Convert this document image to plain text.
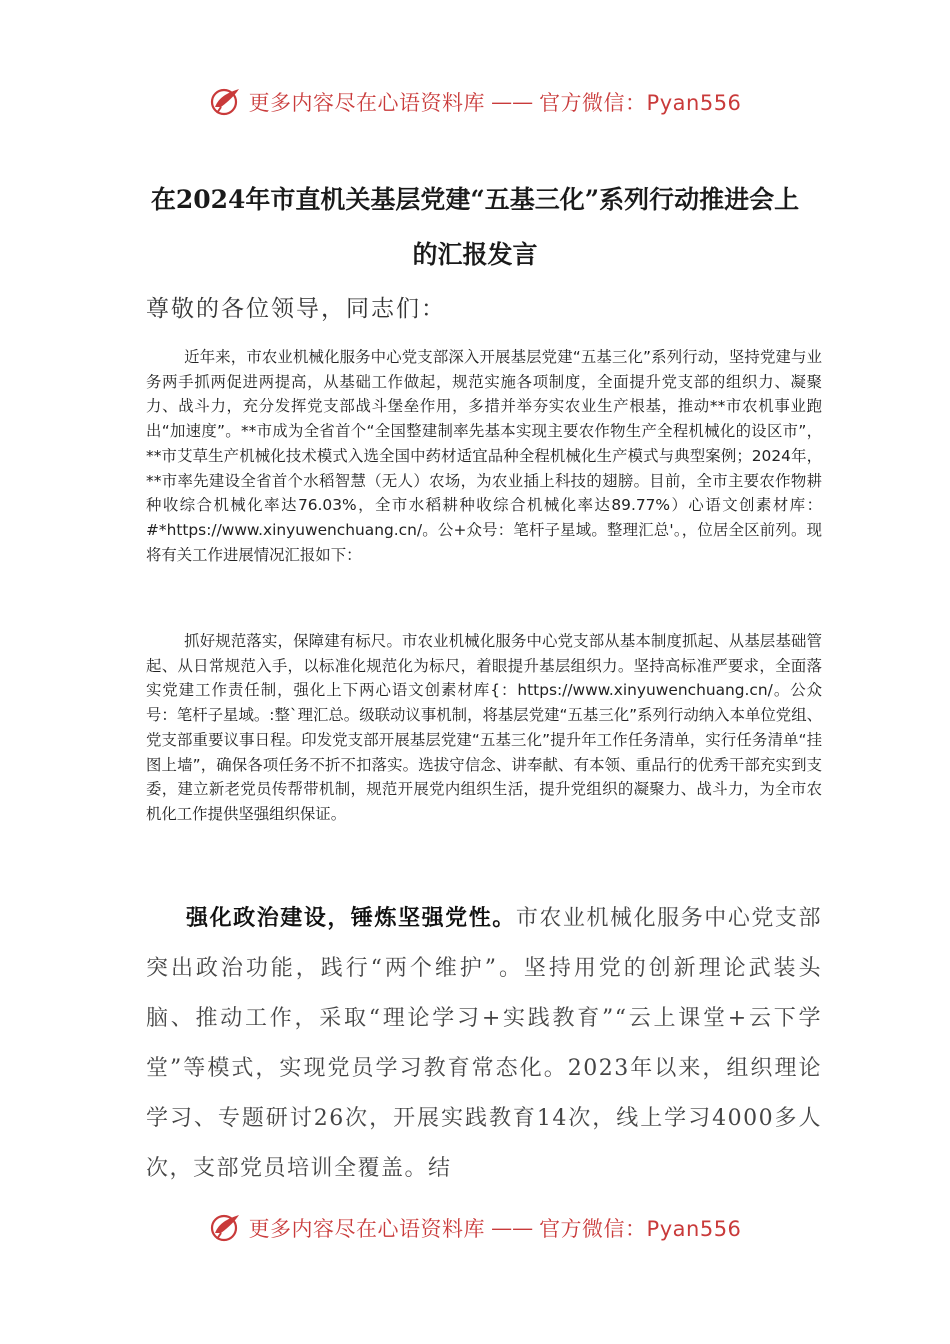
更多内容尽在心语资料库 —— 官方微信：Pyan556
在2024年市直机关基层党建“五基三化”系列行动推进会上的汇报发言
尊敬的各位领导，同志们：

近年来，市农业机械化服务中心党支部深入开展基层党建“五基三化”系列行动，坚持党建与业务两手抓两促进两提高，从基础工作做起，规范实施各项制度，全面提升党支部的组织力、凝聚力、战斗力，充分发挥党支部战斗堡垒作用，多措并举夯实农业生产根基，推动**市农机事业跑出“加速度”。**市成为全省首个“全国整建制率先基本实现主要农作物生产全程机械化的设区市”，**市艾草生产机械化技术模式入选全国中药材适宜品种全程机械化生产模式与典型案例；2024年，**市率先建设全省首个水稻智慧（无人）农场，为农业插上科技的翅膀。目前，全市主要农作物耕种收综合机械化率达76.03%，全市水稻耕种收综合机械化率达89.77%）心语文创素材库：#*https://www.xinyuwenchuang.cn/。公+众号：笔杆子星域。整理汇总'。，位居全区前列。现将有关工作进展情况汇报如下：

抓好规范落实，保障建有标尺。市农业机械化服务中心党支部从基本制度抓起、从基层基础管起、从日常规范入手，以标准化规范化为标尺，着眼提升基层组织力。坚持高标准严要求，全面落实党建工作责任制，强化上下两心语文创素材库{：https://www.xinyuwenchuang.cn/。公众号：笔杆子星域。:整`理汇总。级联动议事机制，将基层党建“五基三化”系列行动纳入本单位党组、党支部重要议事日程。印发党支部开展基层党建“五基三化”提升年工作任务清单，实行任务清单“挂图上墙”，确保各项任务不折不扣落实。选拔守信念、讲奉献、有本领、重品行的优秀干部充实到支委，建立新老党员传帮带机制，规范开展党内组织生活，提升党组织的凝聚力、战斗力，为全市农机化工作提供坚强组织保证。

强化政治建设，锤炼坚强党性。市农业机械化服务中心党支部突出政治功能，践行“两个维护”。坚持用党的创新理论武装头脑、推动工作，采取“理论学习+实践教育”“云上课堂+云下学堂”等模式，实现党员学习教育常态化。2023年以来，组织理论学习、专题研讨26次，开展实践教育14次，线上学习4000多人次，支部党员培训全覆盖。结

更多内容尽在心语资料库 —— 官方微信：Pyan556
